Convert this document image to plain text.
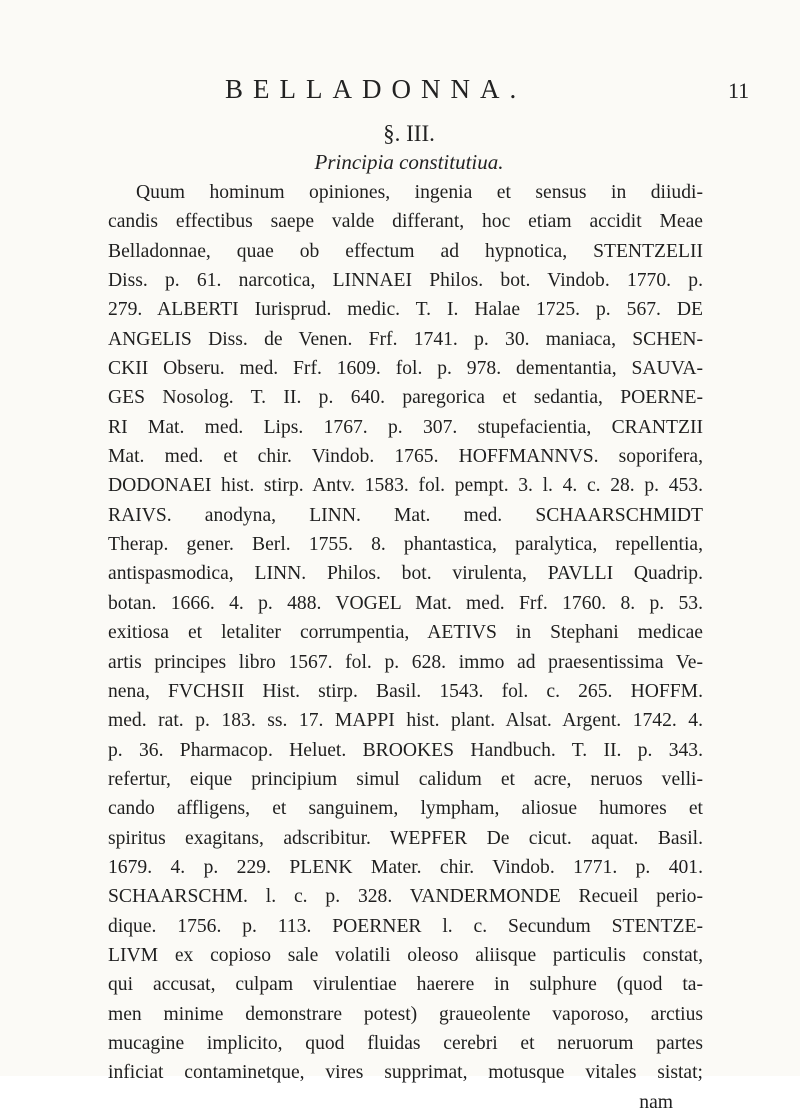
BELLADONNA.	11
§. III.
Principia constitutiua.
Quum hominum opiniones, ingenia et sensus in diiudi-
candis effectibus saepe valde differant, hoc etiam accidit Meae
Belladonnae, quae ob effectum ad hypnotica, STENTZELII
Diss. p. 61. narcotica, LINNAEI Philos. bot. Vindob. 1770. p.
279. ALBERTI Iurisprud. medic. T. I. Halae 1725. p. 567. DE
ANGELIS Diss. de Venen. Frf. 1741. p. 30. maniaca, SCHEN-
CKII Obseru. med. Frf. 1609. fol. p. 978. dementantia, SAUVA-
GES Nosolog. T. II. p. 640. paregorica et sedantia, POERNE-
RI Mat. med. Lips. 1767. p. 307. stupefacientia, CRANTZII
Mat. med. et chir. Vindob. 1765. HOFFMANNVS. soporifera,
DODONAEI hist. stirp. Antv. 1583. fol. pempt. 3. l. 4. c. 28. p. 453.
RAIVS. anodyna, LINN. Mat. med. SCHAARSCHMIDT
Therap. gener. Berl. 1755. 8. phantastica, paralytica, repellentia,
antispasmodica, LINN. Philos. bot. virulenta, PAVLLI Quadrip.
botan. 1666. 4. p. 488. VOGEL Mat. med. Frf. 1760. 8. p. 53.
exitiosa et letaliter corrumpentia, AETIVS in Stephani medicae
artis principes libro 1567. fol. p. 628. immo ad praesentissima Ve-
nena, FVCHSII Hist. stirp. Basil. 1543. fol. c. 265. HOFFM.
med. rat. p. 183. ss. 17. MAPPI hist. plant. Alsat. Argent. 1742. 4.
p. 36. Pharmacop. Heluet. BROOKES Handbuch. T. II. p. 343.
refertur, eique principium simul calidum et acre, neruos velli-
cando affligens, et sanguinem, lympham, aliosue humores et
spiritus exagitans, adscribitur. WEPFER De cicut. aquat. Basil.
1679. 4. p. 229. PLENK Mater. chir. Vindob. 1771. p. 401.
SCHAARSCHM. l. c. p. 328. VANDERMONDE Recueil perio-
dique. 1756. p. 113. POERNER l. c. Secundum STENTZE-
LIVM ex copioso sale volatili oleoso aliisque particulis constat,
qui accusat, culpam virulentiae haerere in sulphure (quod ta-
men minime demonstrare potest) graueolente vaporoso, arctius
mucagine implicito, quod fluidas cerebri et neruorum partes
inficiat contaminetque, vires supprimat, motusque vitales sistat;
nam
